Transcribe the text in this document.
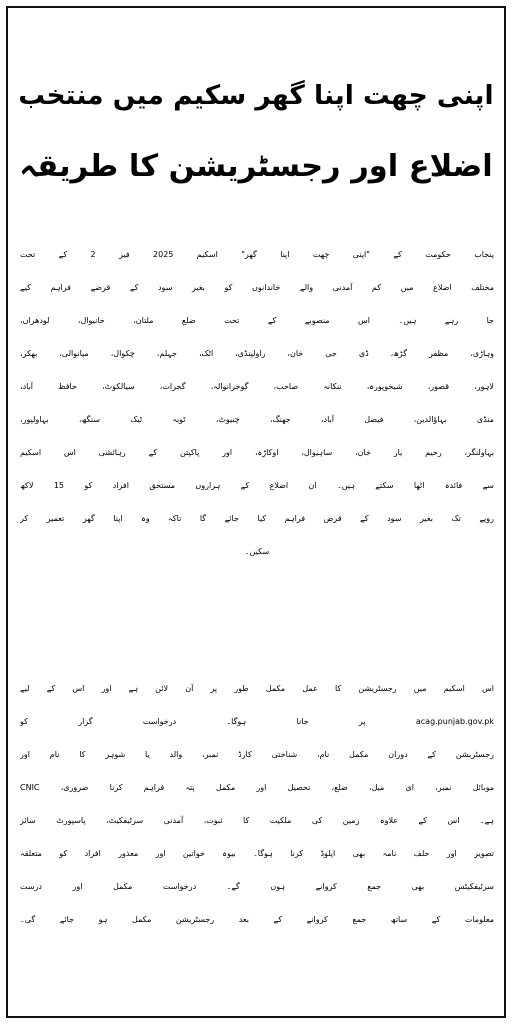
اپنی چھت اپنا گھر سکیم میں منتخب
اضلاع اور رجسٹریشن کا طریقہ
پنجاب حکومت کے "اپنی چھت اپنا گھر" اسکیم 2025 فیز 2 کے تحت
مختلف اضلاع میں کم آمدنی والے خاندانوں کو بغیر سود کے قرضے فراہم کیے
جا رہے ہیں۔ اس منصوبے کے تحت ضلع ملتان، خانیوال، لودھراں،
وہاڑی، مظفر گڑھ، ڈی جی خان، راولپنڈی، اٹک، جہلم، چکوال، میانوالی، بھکر،
لاہور، قصور، شیخوپورہ، ننکانہ صاحب، گوجرانوالہ، گجرات، سیالکوٹ، حافظ آباد،
منڈی بہاؤالدین، فیصل آباد، جھنگ، چنیوٹ، ٹوبہ ٹیک سنگھ، بہاولپور،
بہاولنگر، رحیم یار خان، ساہیوال، اوکاڑہ، اور پاکپتن کے رہائشی اس اسکیم
سے فائدہ اٹھا سکتے ہیں۔ ان اضلاع کے ہزاروں مستحق افراد کو 15 لاکھ
روپے تک بغیر سود کے قرض فراہم کیا جائے گا تاکہ وہ اپنا گھر تعمیر کر
سکیں۔
اس اسکیم میں رجسٹریشن کا عمل مکمل طور پر آن لائن ہے اور اس کے لیے
acag.punjab.gov.pk پر جانا ہوگا۔ درخواست گزار کو
رجسٹریشن کے دوران مکمل نام، شناختی کارڈ نمبر، والد یا شوہر کا نام اور
موبائل نمبر، ای میل، ضلع، تحصیل اور مکمل پتہ فراہم کرنا ضروری، CNIC
ہے۔ اس کے علاوہ زمین کی ملکیت کا ثبوت، آمدنی سرٹیفکیٹ، پاسپورٹ سائز
تصویر اور حلف نامہ بھی اپلوڈ کرنا ہوگا۔ بیوہ خواتین اور معذور افراد کو متعلقہ
سرٹیفکیٹس بھی جمع کروانے ہوں گے۔ درخواست مکمل اور درست
معلومات کے ساتھ جمع کروانے کے بعد رجسٹریشن مکمل ہو جائے گی۔
